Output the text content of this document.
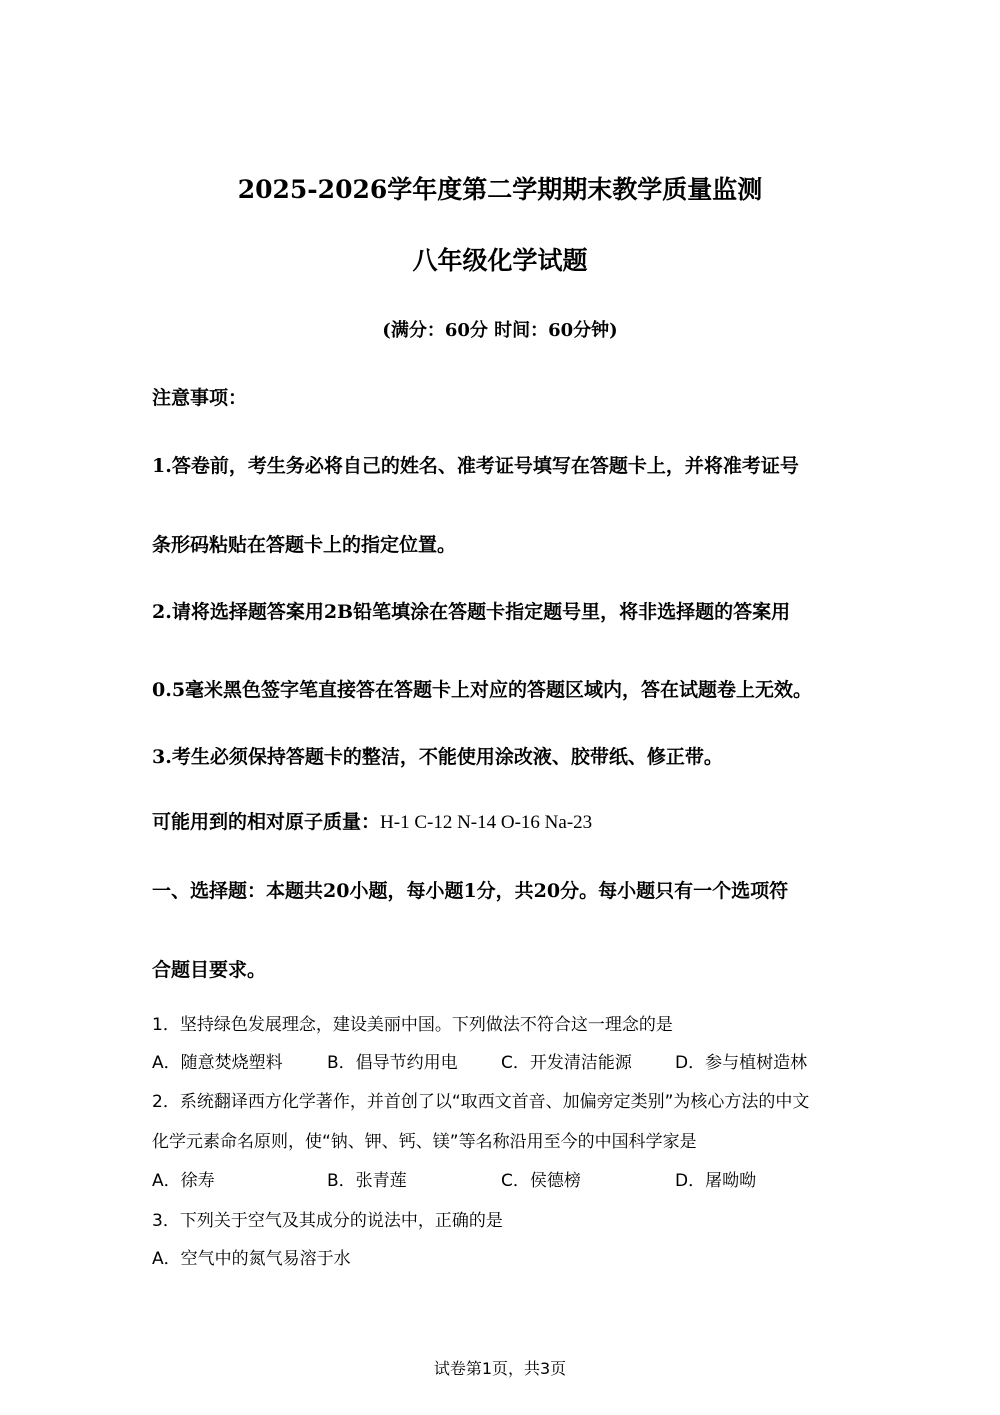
2025-2026学年度第二学期期末教学质量监测
八年级化学试题
(满分：60分 时间：60分钟)
注意事项：
1.答卷前，考生务必将自己的姓名、准考证号填写在答题卡上，并将准考证号
条形码粘贴在答题卡上的指定位置。
2.请将选择题答案用2B铅笔填涂在答题卡指定题号里，将非选择题的答案用
0.5毫米黑色签字笔直接答在答题卡上对应的答题区域内，答在试题卷上无效。
3.考生必须保持答题卡的整洁，不能使用涂改液、胶带纸、修正带。
可能用到的相对原子质量：H-1 C-12 N-14 O-16 Na-23
一、选择题：本题共20小题，每小题1分，共20分。每小题只有一个选项符
合题目要求。
1．坚持绿色发展理念，建设美丽中国。下列做法不符合这一理念的是
A．随意焚烧塑料	B．倡导节约用电	C．开发清洁能源	D．参与植树造林
2．系统翻译西方化学著作，并首创了以“取西文首音、加偏旁定类别”为核心方法的中文
化学元素命名原则，使“钠、钾、钙、镁”等名称沿用至今的中国科学家是
A．徐寿	B．张青莲	C．侯德榜	D．屠呦呦
3．下列关于空气及其成分的说法中，正确的是
A．空气中的氮气易溶于水
试卷第1页，共3页
